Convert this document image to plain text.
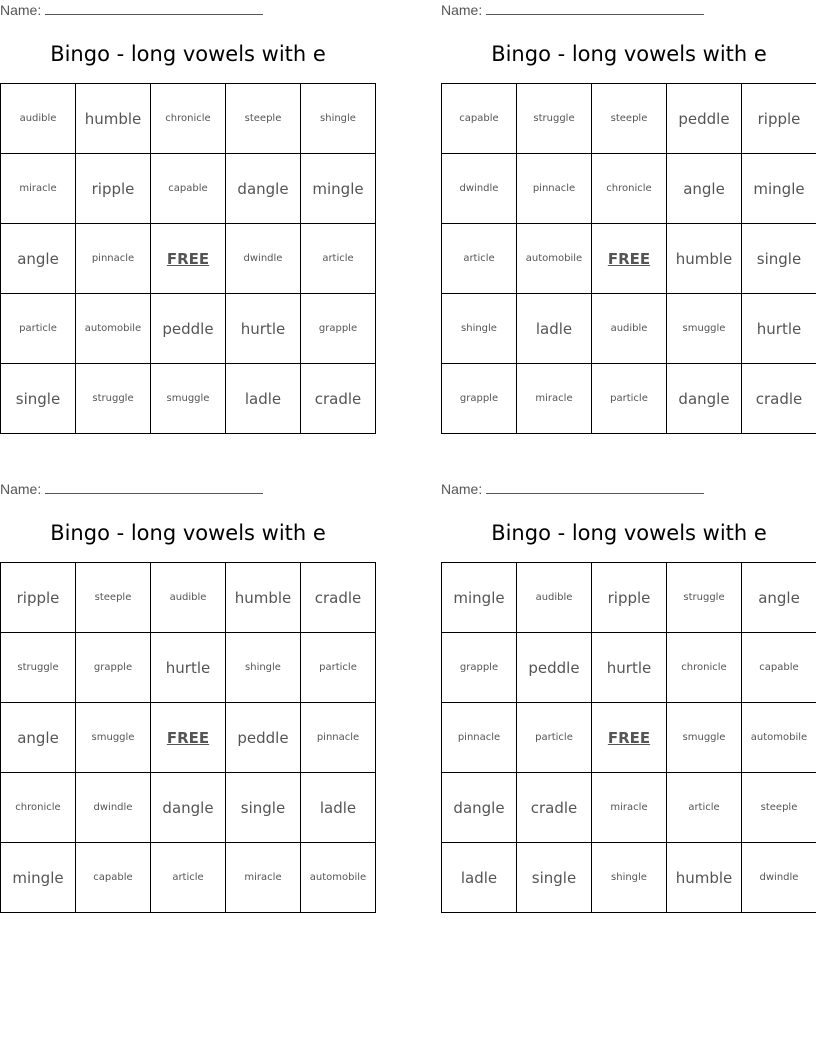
Name:
Bingo - long vowels with e
audible	humble	chronicle	steeple	shingle
miracle	ripple	capable	dangle	mingle
angle	pinnacle	FREE	dwindle	article
particle	automobile	peddle	hurtle	grapple
single	struggle	smuggle	ladle	cradle
Name:
Bingo - long vowels with e
capable	struggle	steeple	peddle	ripple
dwindle	pinnacle	chronicle	angle	mingle
article	automobile	FREE	humble	single
shingle	ladle	audible	smuggle	hurtle
grapple	miracle	particle	dangle	cradle
Name:
Bingo - long vowels with e
ripple	steeple	audible	humble	cradle
struggle	grapple	hurtle	shingle	particle
angle	smuggle	FREE	peddle	pinnacle
chronicle	dwindle	dangle	single	ladle
mingle	capable	article	miracle	automobile
Name:
Bingo - long vowels with e
mingle	audible	ripple	struggle	angle
grapple	peddle	hurtle	chronicle	capable
pinnacle	particle	FREE	smuggle	automobile
dangle	cradle	miracle	article	steeple
ladle	single	shingle	humble	dwindle
